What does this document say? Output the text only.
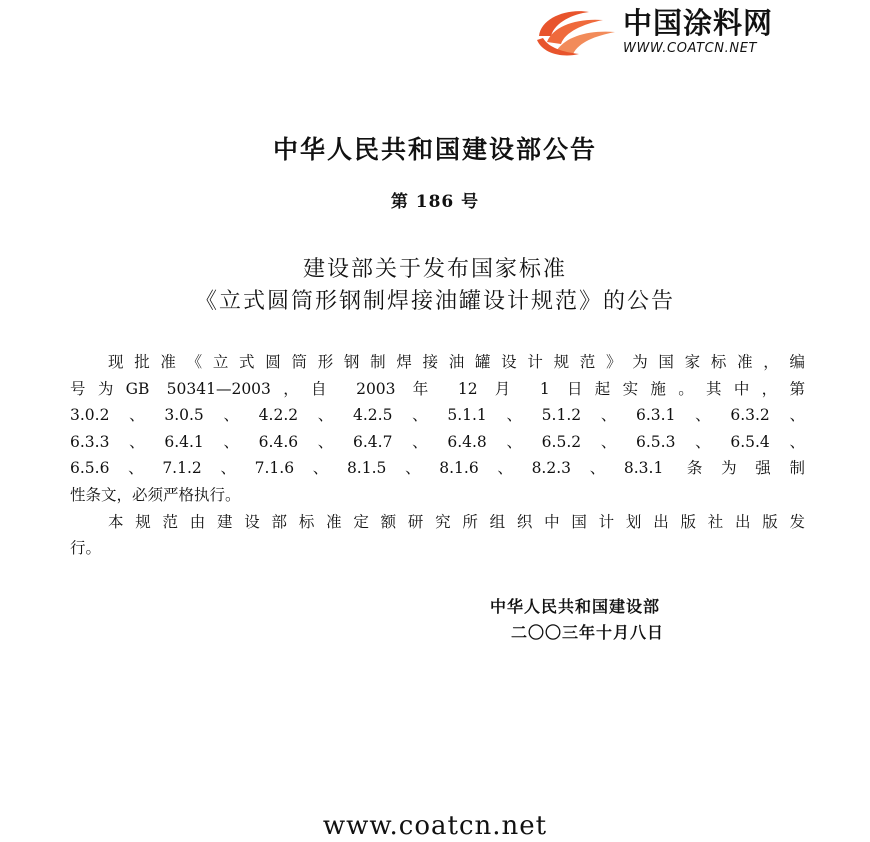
中国涂料网
WWW.COATCN.NET
中华人民共和国建设部公告
第 186 号
建设部关于发布国家标准
《立式圆筒形钢制焊接油罐设计规范》的公告
现批准《立式圆筒形钢制焊接油罐设计规范》为国家标准，编
号为GB 50341—2003，自 2003 年 12 月 1 日起实施。其中，第
3.0.2、3.0.5、4.2.2、4.2.5、5.1.1、5.1.2、6.3.1、6.3.2、
6.3.3、6.4.1、6.4.6、6.4.7、6.4.8、6.5.2、6.5.3、6.5.4、
6.5.6、7.1.2、7.1.6、8.1.5、8.1.6、8.2.3、8.3.1 条为强制
性条文，必须严格执行。
本规范由建设部标准定额研究所组织中国计划出版社出版发
行。
中华人民共和国建设部
二〇〇三年十月八日
www.coatcn.net
